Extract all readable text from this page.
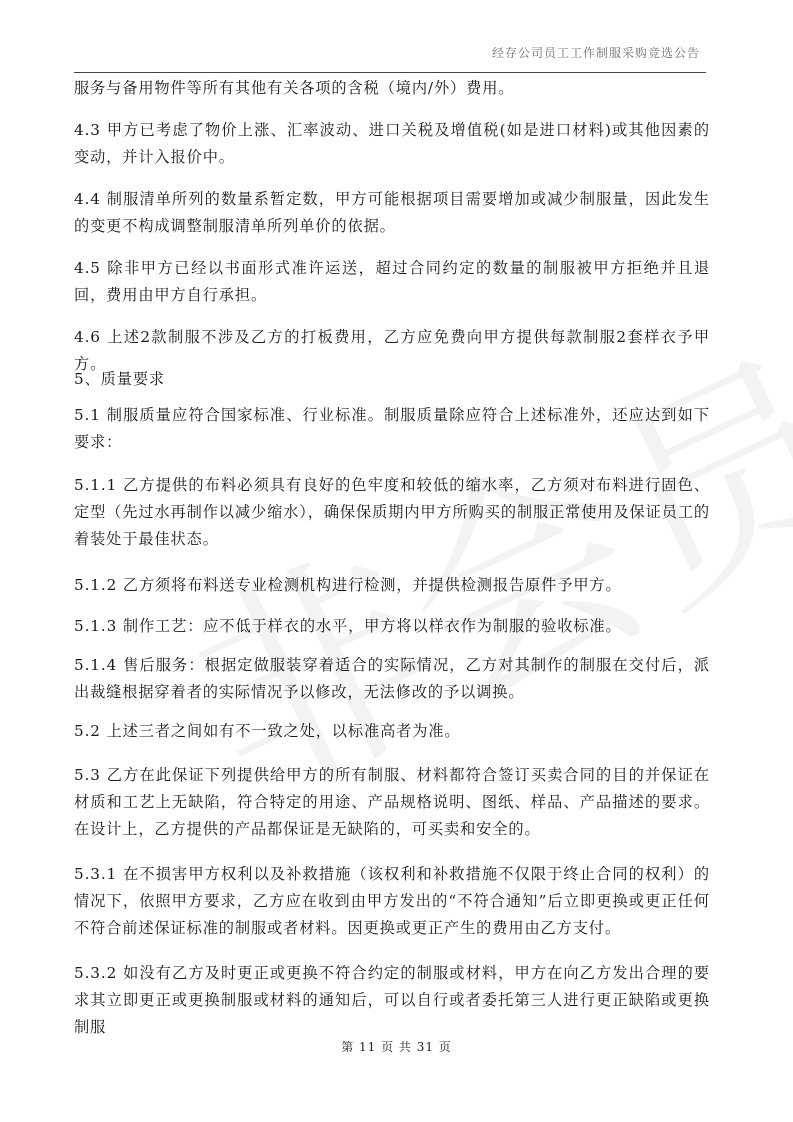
经存公司员工工作制服采购竞选公告

服务与备用物件等所有其他有关各项的含税（境内/外）费用。

4.3 甲方已考虑了物价上涨、汇率波动、进口关税及增值税(如是进口材料)或其他因素的变动，并计入报价中。

4.4 制服清单所列的数量系暂定数，甲方可能根据项目需要增加或减少制服量，因此发生的变更不构成调整制服清单所列单价的依据。

4.5 除非甲方已经以书面形式准许运送，超过合同约定的数量的制服被甲方拒绝并且退回，费用由甲方自行承担。

4.6 上述2款制服不涉及乙方的打板费用，乙方应免费向甲方提供每款制服2套样衣予甲方。

5、质量要求

5.1 制服质量应符合国家标准、行业标准。制服质量除应符合上述标准外，还应达到如下要求：

5.1.1 乙方提供的布料必须具有良好的色牢度和较低的缩水率，乙方须对布料进行固色、定型（先过水再制作以减少缩水），确保保质期内甲方所购买的制服正常使用及保证员工的着装处于最佳状态。

5.1.2 乙方须将布料送专业检测机构进行检测，并提供检测报告原件予甲方。

5.1.3 制作工艺：应不低于样衣的水平，甲方将以样衣作为制服的验收标准。

5.1.4 售后服务：根据定做服装穿着适合的实际情况，乙方对其制作的制服在交付后，派出裁缝根据穿着者的实际情况予以修改，无法修改的予以调换。

5.2 上述三者之间如有不一致之处，以标准高者为准。

5.3 乙方在此保证下列提供给甲方的所有制服、材料都符合签订买卖合同的目的并保证在材质和工艺上无缺陷，符合特定的用途、产品规格说明、图纸、样品、产品描述的要求。在设计上，乙方提供的产品都保证是无缺陷的，可买卖和安全的。

5.3.1 在不损害甲方权利以及补救措施（该权利和补救措施不仅限于终止合同的权利）的情况下，依照甲方要求，乙方应在收到由甲方发出的“不符合通知”后立即更换或更正任何不符合前述保证标准的制服或者材料。因更换或更正产生的费用由乙方支付。

5.3.2 如没有乙方及时更正或更换不符合约定的制服或材料，甲方在向乙方发出合理的要求其立即更正或更换制服或材料的通知后，可以自行或者委托第三人进行更正缺陷或更换制服

第 11 页 共 31 页
